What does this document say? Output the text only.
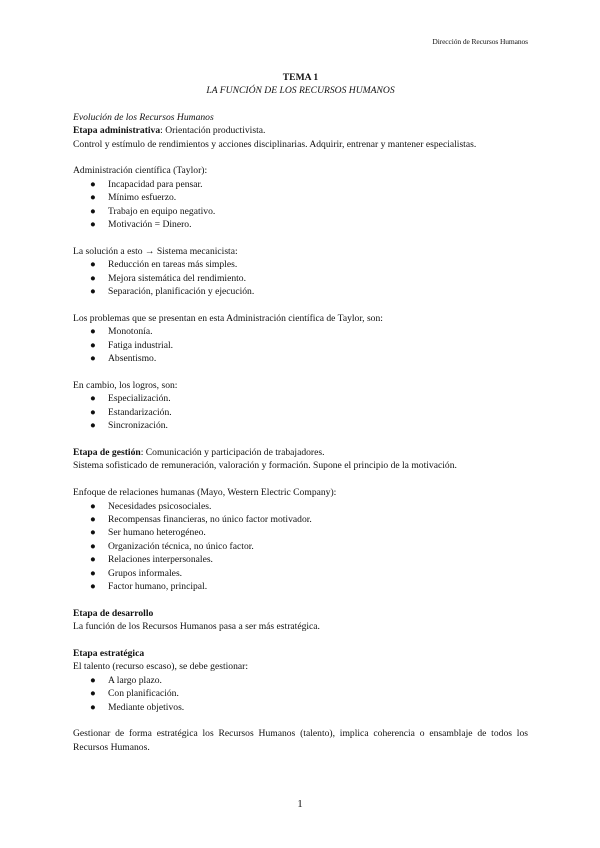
Dirección de Recursos Humanos

TEMA 1

LA FUNCIÓN DE LOS RECURSOS HUMANOS

Evolución de los Recursos Humanos

Etapa administrativa: Orientación productivista.

Control y estímulo de rendimientos y acciones disciplinarias. Adquirir, entrenar y mantener especialistas.

Administración científica (Taylor):

● Incapacidad para pensar.
● Mínimo esfuerzo.
● Trabajo en equipo negativo.
● Motivación = Dinero.

La solución a esto → Sistema mecanicista:

● Reducción en tareas más simples.
● Mejora sistemática del rendimiento.
● Separación, planificación y ejecución.

Los problemas que se presentan en esta Administración científica de Taylor, son:

● Monotonía.
● Fatiga industrial.
● Absentismo.

En cambio, los logros, son:

● Especialización.
● Estandarización.
● Sincronización.

Etapa de gestión: Comunicación y participación de trabajadores.

Sistema sofisticado de remuneración, valoración y formación. Supone el principio de la motivación.

Enfoque de relaciones humanas (Mayo, Western Electric Company):

● Necesidades psicosociales.
● Recompensas financieras, no único factor motivador.
● Ser humano heterogéneo.
● Organización técnica, no único factor.
● Relaciones interpersonales.
● Grupos informales.
● Factor humano, principal.

Etapa de desarrollo

La función de los Recursos Humanos pasa a ser más estratégica.

Etapa estratégica

El talento (recurso escaso), se debe gestionar:

● A largo plazo.
● Con planificación.
● Mediante objetivos.

Gestionar de forma estratégica los Recursos Humanos (talento), implica coherencia o ensamblaje de todos los Recursos Humanos.

1
